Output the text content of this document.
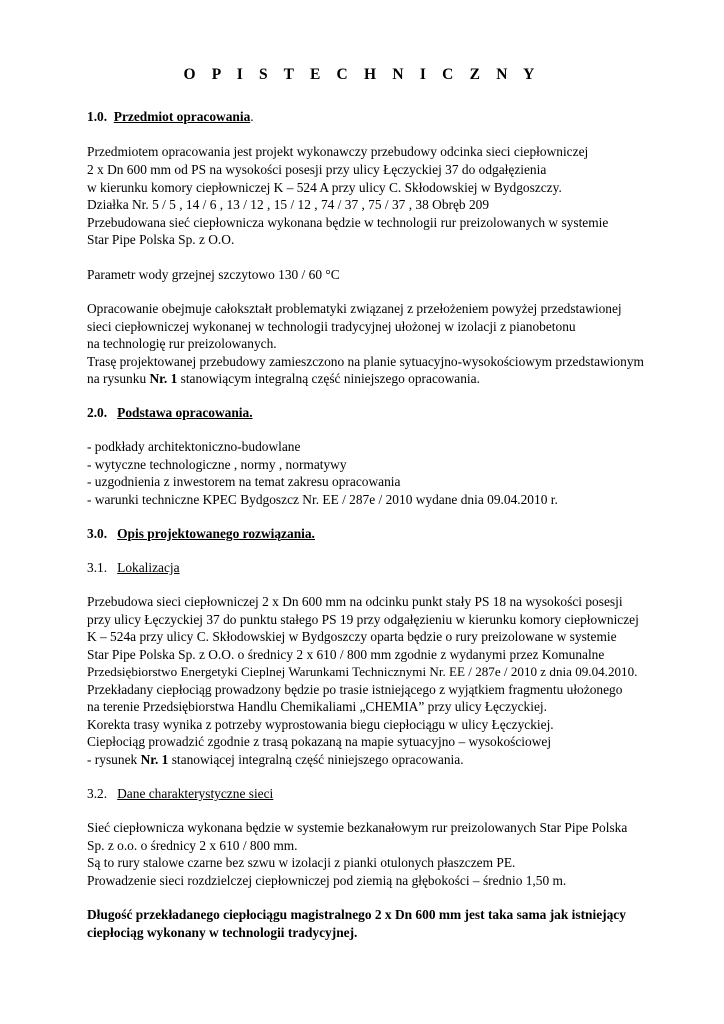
O P I S T E C H N I C Z N Y
1.0. Przedmiot opracowania.
Przedmiotem opracowania jest projekt wykonawczy przebudowy odcinka sieci ciepłowniczej
2 x Dn 600 mm od PS na wysokości posesji przy ulicy Łęczyckiej 37 do odgałęzienia
w kierunku komory ciepłowniczej K – 524 A przy ulicy C. Skłodowskiej w Bydgoszczy.
Działka Nr. 5 / 5 , 14 / 6 , 13 / 12 , 15 / 12 , 74 / 37 , 75 / 37 , 38 Obręb 209
Przebudowana sieć ciepłownicza wykonana będzie w technologii rur preizolowanych w systemie
Star Pipe Polska Sp. z O.O.
Parametr wody grzejnej szczytowo 130 / 60 °C
Opracowanie obejmuje całokształt problematyki związanej z przełożeniem powyżej przedstawionej
sieci ciepłowniczej wykonanej w technologii tradycyjnej ułożonej w izolacji z pianobetonu
na technologię rur preizolowanych.
Trasę projektowanej przebudowy zamieszczono na planie sytuacyjno-wysokościowym przedstawionym
na rysunku Nr. 1 stanowiącym integralną część niniejszego opracowania.
2.0. Podstawa opracowania.
- podkłady architektoniczno-budowlane
- wytyczne technologiczne , normy , normatywy
- uzgodnienia z inwestorem na temat zakresu opracowania
- warunki techniczne KPEC Bydgoszcz Nr. EE / 287e / 2010 wydane dnia 09.04.2010 r.
3.0. Opis projektowanego rozwiązania.
3.1. Lokalizacja
Przebudowa sieci ciepłowniczej 2 x Dn 600 mm na odcinku punkt stały PS 18 na wysokości posesji
przy ulicy Łęczyckiej 37 do punktu stałego PS 19 przy odgałęzieniu w kierunku komory ciepłowniczej
K – 524a przy ulicy C. Skłodowskiej w Bydgoszczy oparta będzie o rury preizolowane w systemie
Star Pipe Polska Sp. z O.O. o średnicy 2 x 610 / 800 mm zgodnie z wydanymi przez Komunalne
Przedsiębiorstwo Energetyki Cieplnej Warunkami Technicznymi Nr. EE / 287e / 2010 z dnia 09.04.2010.
Przekładany ciepłociąg prowadzony będzie po trasie istniejącego z wyjątkiem fragmentu ułożonego
na terenie Przedsiębiorstwa Handlu Chemikaliami „CHEMIA” przy ulicy Łęczyckiej.
Korekta trasy wynika z potrzeby wyprostowania biegu ciepłociągu w ulicy Łęczyckiej.
Ciepłociąg prowadzić zgodnie z trasą pokazaną na mapie sytuacyjno – wysokościowej
- rysunek Nr. 1 stanowiącej integralną część niniejszego opracowania.
3.2. Dane charakterystyczne sieci
Sieć ciepłownicza wykonana będzie w systemie bezkanałowym rur preizolowanych Star Pipe Polska
Sp. z o.o. o średnicy 2 x 610 / 800 mm.
Są to rury stalowe czarne bez szwu w izolacji z pianki otulonych płaszczem PE.
Prowadzenie sieci rozdzielczej ciepłowniczej pod ziemią na głębokości – średnio 1,50 m.
Długość przekładanego ciepłociągu magistralnego 2 x Dn 600 mm jest taka sama jak istniejący
ciepłociąg wykonany w technologii tradycyjnej.
